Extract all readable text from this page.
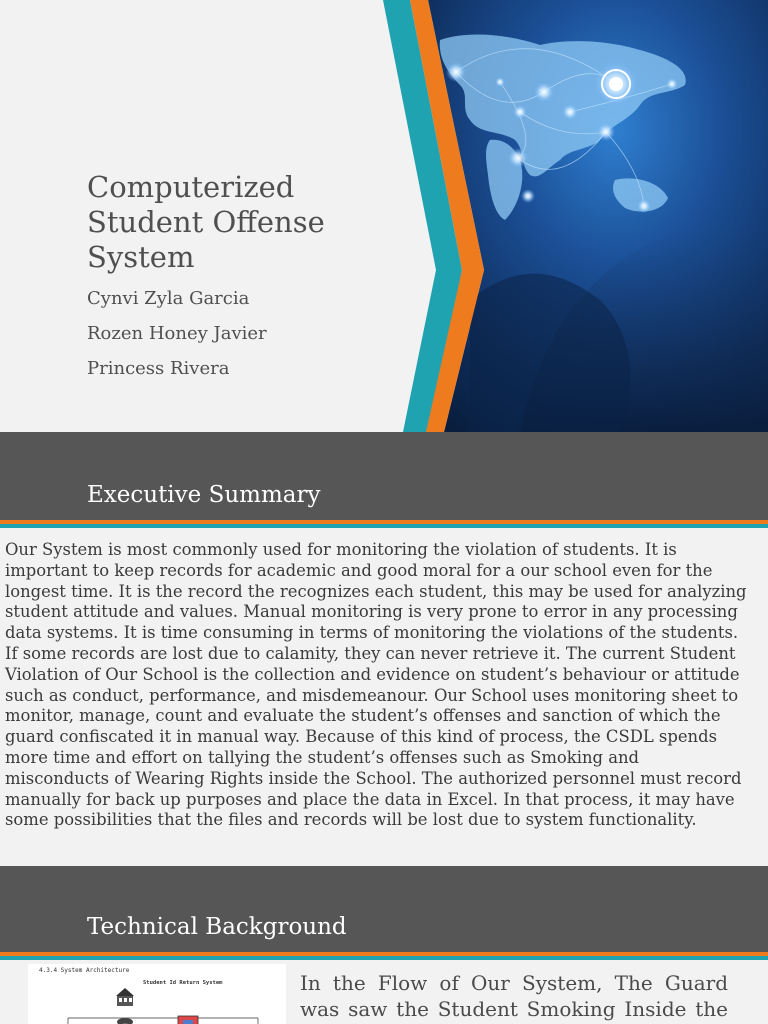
Computerized
Student Offense
System
Cynvi Zyla Garcia
Rozen Honey Javier
Princess Rivera
Executive Summary
Our System is most commonly used for monitoring the violation of students. It is
important to keep records for academic and good moral for a our school even for the
longest time. It is the record the recognizes each student, this may be used for analyzing
student attitude and values. Manual monitoring is very prone to error in any processing
data systems. It is time consuming in terms of monitoring the violations of the students.
If some records are lost due to calamity, they can never retrieve it. The current Student
Violation of Our School is the collection and evidence on student’s behaviour or attitude
such as conduct, performance, and misdemeanour. Our School uses monitoring sheet to
monitor, manage, count and evaluate the student’s offenses and sanction of which the
guard confiscated it in manual way. Because of this kind of process, the CSDL spends
more time and effort on tallying the student’s offenses such as Smoking and
misconducts of Wearing Rights inside the School. The authorized personnel must record
manually for back up purposes and place the data in Excel. In that process, it may have
some possibilities that the files and records will be lost due to system functionality.
Technical Background
4.3.4 System Architecture
Student Id Return System	In the Flow of Our System, The Guard
was saw the Student Smoking Inside the
